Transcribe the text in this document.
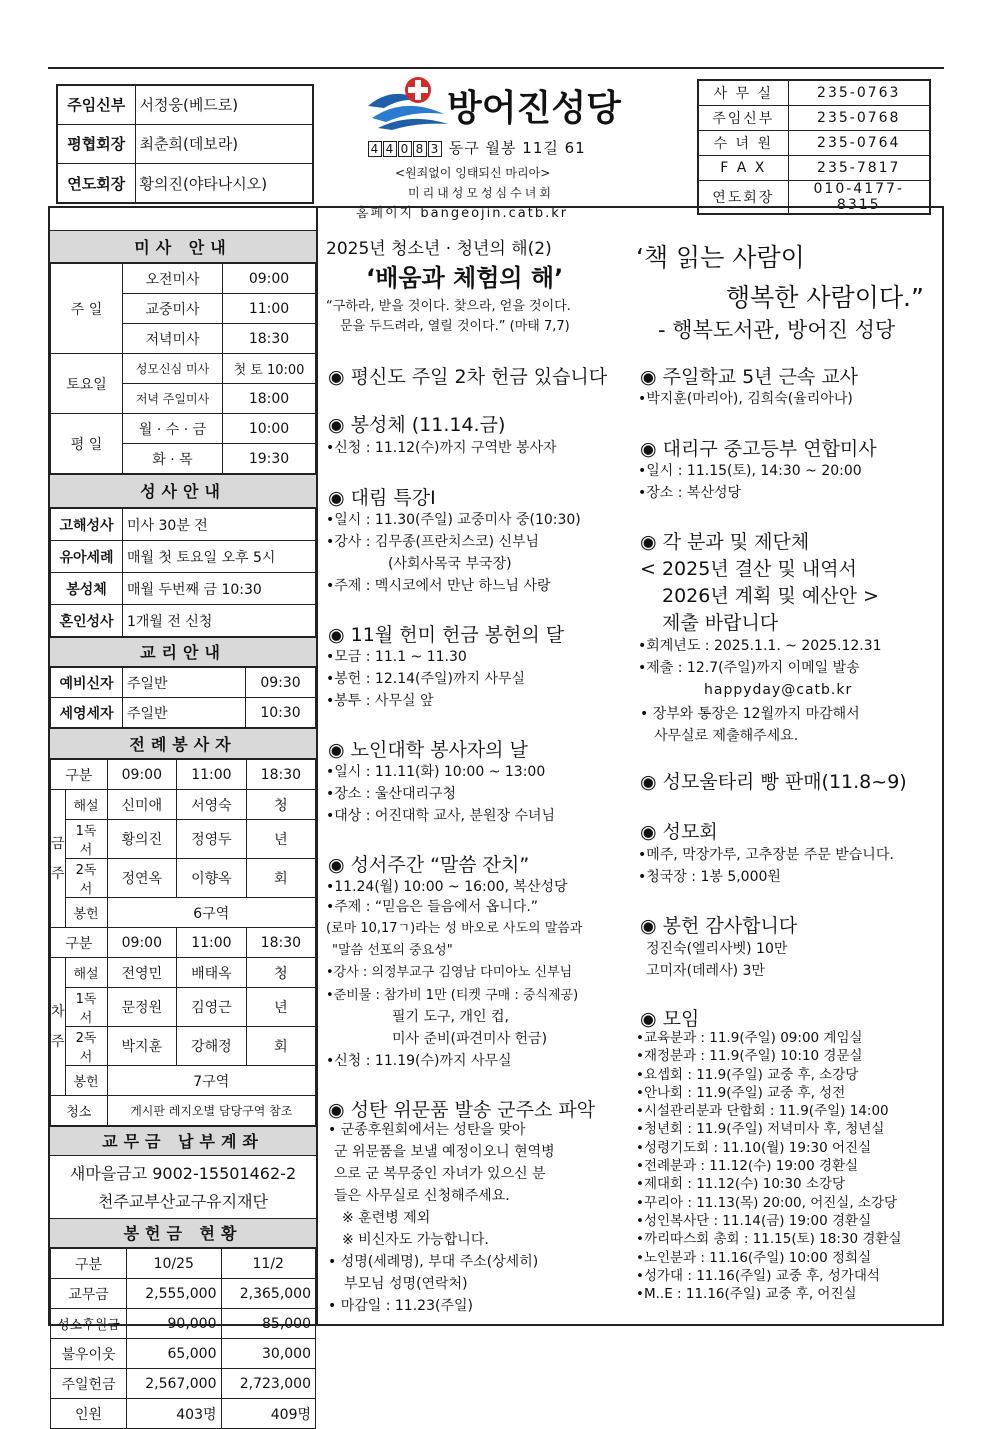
주임신부	서정웅(베드로)
평협회장	최춘희(데보라)
연도회장	황의진(야타나시오)
방어진성당
4 4 0 8 3 동구 월봉 11길 61
<원죄없이 잉태되신 마리아>
미리내성모성심수녀회
홈페이지 bangeojin.catb.kr
사 무 실	235-0763
주임신부	235-0768
수 녀 원	235-0764
F A X	235-7817
연도회장	010-4177-8315
미사 안내
주 일	오전미사	09:00
	교중미사	11:00
	저녁미사	18:30
토요일	성모신심 미사	첫 토 10:00
	저녁 주일미사	18:00
평 일	월 · 수 · 금	10:00
	화 · 목	19:30
성사안내
고해성사	미사 30분 전
유아세례	매월 첫 토요일 오후 5시
봉성체	매월 두번째 금 10:30
혼인성사	1개월 전 신청
교리안내
예비신자	주일반	09:30
세영세자	주일반	10:30
전례봉사자
구분		09:00	11:00	18:30
금
주	해설	신미애	서영숙	청
	1독서	황의진	정영두	년
	2독서	정연옥	이향옥	회
	봉헌	6구역		
구분		09:00	11:00	18:30
차
주	해설	전영민	배태옥	청
	1독서	문정원	김영근	년
	2독서	박지훈	강해정	회
	봉헌	7구역		
청소		게시판 레지오별 담당구역 참조		
교무금 납부계좌
새마을금고 9002-15501462-2
천주교부산교구유지재단
봉헌금 현황
구분	10/25	11/2
교무금	2,555,000	2,365,000
성소후원금	90,000	85,000
불우이웃	65,000	30,000
주일헌금	2,567,000	2,723,000
인원	403명	409명
2025년 청소년 · 청년의 해(2)
‘배움과 체험의 해’
“구하라, 받을 것이다. 찾으라, 얻을 것이다.
문을 두드려라, 열릴 것이다.” (마태 7,7)
◉ 평신도 주일 2차 헌금 있습니다
◉ 봉성체 (11.14.금)
•신청 : 11.12(수)까지 구역반 봉사자
◉ 대림 특강Ⅰ
•일시 : 11.30(주일) 교중미사 중(10:30)
•강사 : 김무종(프란치스코) 신부님
(사회사목국 부국장)
•주제 : 멕시코에서 만난 하느님 사랑
◉ 11월 헌미 헌금 봉헌의 달
•모금 : 11.1 ~ 11.30
•봉헌 : 12.14(주일)까지 사무실
•봉투 : 사무실 앞
◉ 노인대학 봉사자의 날
•일시 : 11.11(화) 10:00 ~ 13:00
•장소 : 울산대리구청
•대상 : 어진대학 교사, 분원장 수녀님
◉ 성서주간 “말씀 잔치”
•11.24(월) 10:00 ~ 16:00, 복산성당
•주제 : “믿음은 들음에서 옵니다.”
(로마 10,17ㄱ)라는 성 바오로 사도의 말씀과
"말씀 선포의 중요성"
•강사 : 의정부교구 김영남 다미아노 신부님
•준비물 : 참가비 1만 (티켓 구매 : 중식제공)
필기 도구, 개인 컵,
미사 준비(파견미사 헌금)
•신청 : 11.19(수)까지 사무실
◉ 성탄 위문품 발송 군주소 파악
• 군종후원회에서는 성탄을 맞아
군 위문품을 보낼 예정이오니 현역병
으로 군 복무중인 자녀가 있으신 분
들은 사무실로 신청해주세요.
※ 훈련병 제외
※ 비신자도 가능합니다.
• 성명(세례명), 부대 주소(상세히)
부모님 성명(연락처)
• 마감일 : 11.23(주일)
‘책 읽는 사람이
행복한 사람이다.”
- 행복도서관, 방어진 성당
◉ 주일학교 5년 근속 교사
•박지훈(마리아), 김희숙(율리아나)
◉ 대리구 중고등부 연합미사
•일시 : 11.15(토), 14:30 ~ 20:00
•장소 : 복산성당
◉ 각 분과 및 제단체
< 2025년 결산 및 내역서
2026년 계획 및 예산안 >
제출 바랍니다
•회계년도 : 2025.1.1. ~ 2025.12.31
•제출 : 12.7(주일)까지 이메일 발송
happyday@catb.kr
• 장부와 통장은 12월까지 마감해서
사무실로 제출해주세요.
◉ 성모울타리 빵 판매(11.8~9)
◉ 성모회
•메주, 막장가루, 고추장분 주문 받습니다.
•청국장 : 1봉 5,000원
◉ 봉헌 감사합니다
정진숙(엘리사벳) 10만
고미자(데레사) 3만
◉ 모임
•교육분과 : 11.9(주일) 09:00 계임실
•재정분과 : 11.9(주일) 10:10 경문실
•요셉회 : 11.9(주일) 교중 후, 소강당
•안나회 : 11.9(주일) 교중 후, 성전
•시설관리분과 단합회 : 11.9(주일) 14:00
•청년회 : 11.9(주일) 저녁미사 후, 청년실
•성령기도회 : 11.10(월) 19:30 어진실
•전례분과 : 11.12(수) 19:00 경환실
•제대회 : 11.12(수) 10:30 소강당
•꾸리아 : 11.13(목) 20:00, 어진실, 소강당
•성인복사단 : 11.14(금) 19:00 경환실
•까리따스회 총회 : 11.15(토) 18:30 경환실
•노인분과 : 11.16(주일) 10:00 정희실
•성가대 : 11.16(주일) 교중 후, 성가대석
•M..E : 11.16(주일) 교중 후, 어진실
